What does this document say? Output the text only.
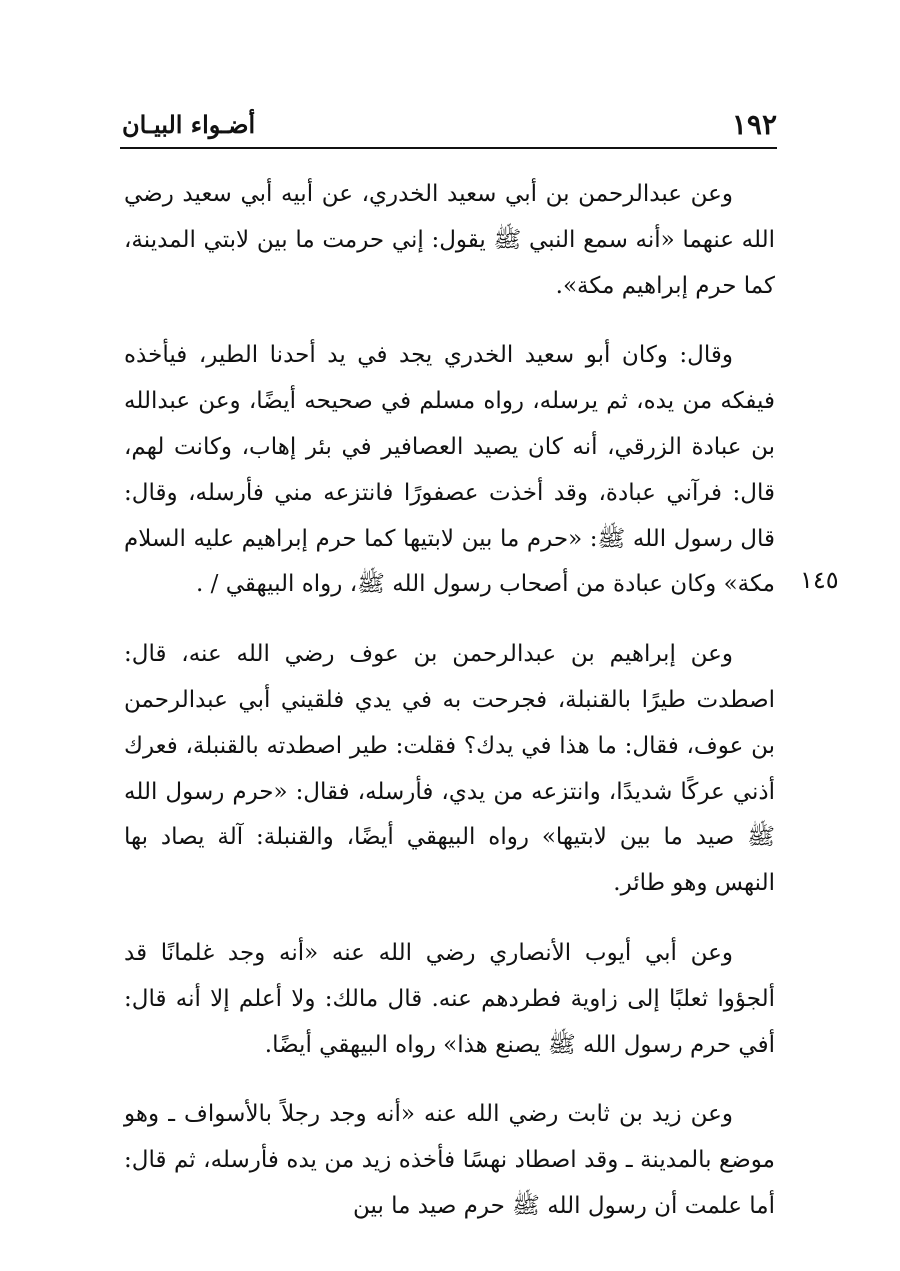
١٩٢
أضـواء البيـان

وعن عبدالرحمن بن أبي سعيد الخدري، عن أبيه أبي سعيد رضي الله عنهما «أنه سمع النبي ﷺ يقول: إني حرمت ما بين لابتي المدينة، كما حرم إبراهيم مكة».

وقال: وكان أبو سعيد الخدري يجد في يد أحدنا الطير، فيأخذه فيفكه من يده، ثم يرسله، رواه مسلم في صحيحه أيضًا، وعن عبدالله بن عبادة الزرقي، أنه كان يصيد العصافير في بئر إهاب، وكانت لهم، قال: فرآني عبادة، وقد أخذت عصفورًا فانتزعه مني فأرسله، وقال: قال رسول الله ﷺ: «حرم ما بين لابتيها كما حرم إبراهيم عليه السلام مكة» وكان عبادة من أصحاب رسول الله ﷺ، رواه البيهقي / .

وعن إبراهيم بن عبدالرحمن بن عوف رضي الله عنه، قال: اصطدت طيرًا بالقنبلة، فجرحت به في يدي فلقيني أبي عبدالرحمن بن عوف، فقال: ما هذا في يدك؟ فقلت: طير اصطدته بالقنبلة، فعرك أذني عركًا شديدًا، وانتزعه من يدي، فأرسله، فقال: «حرم رسول الله ﷺ صيد ما بين لابتيها» رواه البيهقي أيضًا، والقنبلة: آلة يصاد بها النهس وهو طائر.

وعن أبي أيوب الأنصاري رضي الله عنه «أنه وجد غلمانًا قد ألجؤوا ثعلبًا إلى زاوية فطردهم عنه. قال مالك: ولا أعلم إلا أنه قال: أفي حرم رسول الله ﷺ يصنع هذا» رواه البيهقي أيضًا.

وعن زيد بن ثابت رضي الله عنه «أنه وجد رجلاً بالأسواف ـ وهو موضع بالمدينة ـ وقد اصطاد نهسًا فأخذه زيد من يده فأرسله، ثم قال: أما علمت أن رسول الله ﷺ حرم صيد ما بين

١٤٥
